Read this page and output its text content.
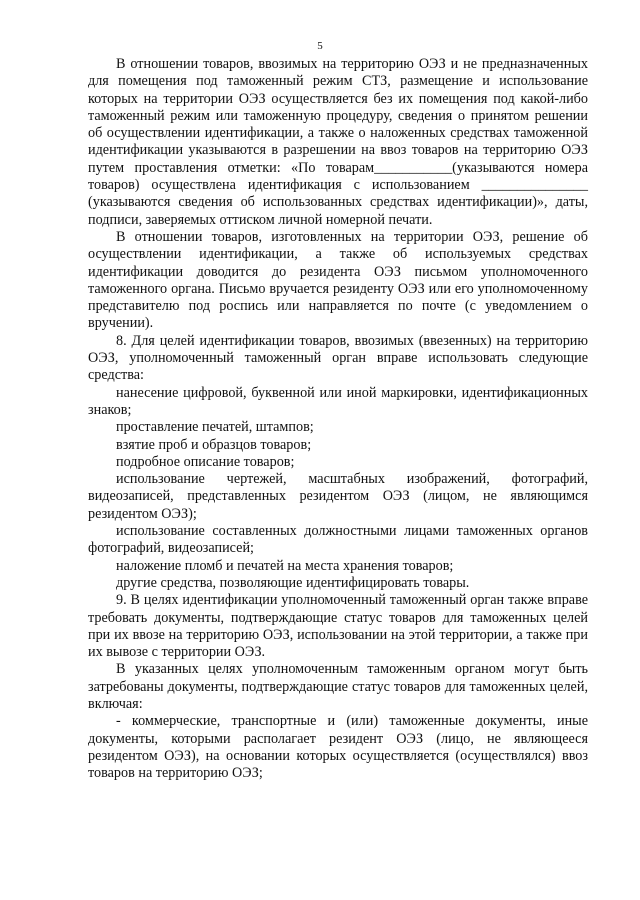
5

В отношении товаров, ввозимых на территорию ОЭЗ и не предназначенных для помещения под таможенный режим СТЗ, размещение и использование которых на территории ОЭЗ осуществляется без их помещения под какой-либо таможенный режим или таможенную процедуру, сведения о принятом решении об осуществлении идентификации, а также о наложенных средствах таможенной идентификации указываются в разрешении на ввоз товаров на территорию ОЭЗ путем проставления отметки: «По товарам___________(указываются номера товаров) осуществлена идентификация с использованием _______________ (указываются сведения об использованных средствах идентификации)», даты, подписи, заверяемых оттиском личной номерной печати.

В отношении товаров, изготовленных на территории ОЭЗ, решение об осуществлении идентификации, а также об используемых средствах идентификации доводится до резидента ОЭЗ письмом уполномоченного таможенного органа. Письмо вручается резиденту ОЭЗ или его уполномоченному представителю под роспись или направляется по почте (с уведомлением о вручении).

8. Для целей идентификации товаров, ввозимых (ввезенных) на территорию ОЭЗ, уполномоченный таможенный орган вправе использовать следующие средства:

нанесение цифровой, буквенной или иной маркировки, идентификационных знаков;

проставление печатей, штампов;

взятие проб и образцов товаров;

подробное описание товаров;

использование чертежей, масштабных изображений, фотографий, видеозаписей, представленных резидентом ОЭЗ (лицом, не являющимся резидентом ОЭЗ);

использование составленных должностными лицами таможенных органов фотографий, видеозаписей;

наложение пломб и печатей на места хранения товаров;

другие средства, позволяющие идентифицировать товары.

9. В целях идентификации уполномоченный таможенный орган также вправе требовать документы, подтверждающие статус товаров для таможенных целей при их ввозе на территорию ОЭЗ, использовании на этой территории, а также при их вывозе с территории ОЭЗ.

В указанных целях уполномоченным таможенным органом могут быть затребованы документы, подтверждающие статус товаров для таможенных целей, включая:

- коммерческие, транспортные и (или) таможенные документы, иные документы, которыми располагает резидент ОЭЗ (лицо, не являющееся резидентом ОЭЗ), на основании которых осуществляется (осуществлялся) ввоз товаров на территорию ОЭЗ;
